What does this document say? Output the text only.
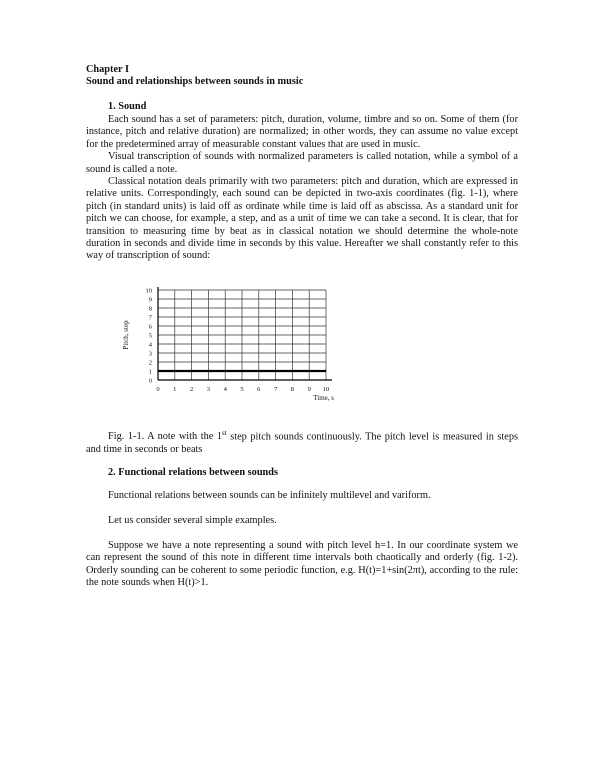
Chapter I
Sound and relationships between sounds in music
1. Sound

Each sound has a set of parameters: pitch, duration, volume, timbre and so on. Some of them (for instance, pitch and relative duration) are normalized; in other words, they can assume no value except for the predetermined array of measurable constant values that are used in music.

Visual transcription of sounds with normalized parameters is called notation, while a symbol of a sound is called a note.

Classical notation deals primarily with two parameters: pitch and duration, which are expressed in relative units. Correspondingly, each sound can be depicted in two-axis coordinates (fig. 1-1), where pitch (in standard units) is laid off as ordinate while time is laid off as abscissa. As a standard unit for pitch we can choose, for example, a step, and as a unit of time we can take a second. It is clear, that for transition to measuring time by beat as in classical notation we should determine the whole-note duration in seconds and divide time in seconds by this value. Hereafter we shall constantly refer to this way of transcription of sound:

0 1 2 3 4 5 6 7 8 9 10
0
1
2
3
4
5
6
7
8
9
10
Time, s
Pitch, step
Fig. 1-1. A note with the 1st step pitch sounds continuously. The pitch level is measured in steps and time in seconds or beats
2. Functional relations between sounds
Functional relations between sounds can be infinitely multilevel and variform.
Let us consider several simple examples.
Suppose we have a note representing a sound with pitch level h=1. In our coordinate system we can represent the sound of this note in different time intervals both chaotically and orderly (fig. 1-2). Orderly sounding can be coherent to some periodic function, e.g. H(t)=1+sin(2πt), according to the rule: the note sounds when H(t)>1.
